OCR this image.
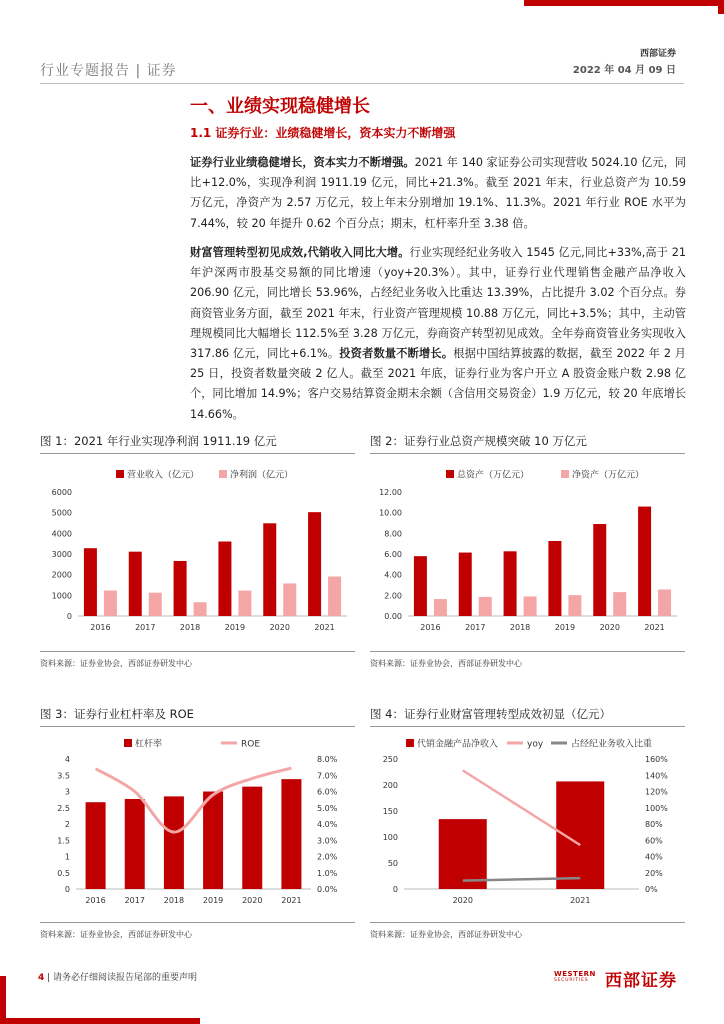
行业专题报告 | 证券
西部证券
2022 年 04 月 09 日
一、业绩实现稳健增长
1.1 证券行业：业绩稳健增长，资本实力不断增强
证券行业业绩稳健增长，资本实力不断增强。2021 年 140 家证券公司实现营收 5024.10 亿元，同比+12.0%，实现净利润 1911.19 亿元，同比+21.3%。截至 2021 年末，行业总资产为 10.59 万亿元，净资产为 2.57 万亿元，较上年末分别增加 19.1%、11.3%。2021 年行业 ROE 水平为 7.44%，较 20 年提升 0.62 个百分点；期末，杠杆率升至 3.38 倍。
财富管理转型初见成效,代销收入同比大增。行业实现经纪业务收入 1545 亿元,同比+33%,高于 21 年沪深两市股基交易额的同比增速（yoy+20.3%）。其中，证券行业代理销售金融产品净收入 206.90 亿元，同比增长 53.96%，占经纪业务收入比重达 13.39%，占比提升 3.02 个百分点。券商资管业务方面，截至 2021 年末，行业资产管理规模 10.88 万亿元，同比+3.5%；其中，主动管理规模同比大幅增长 112.5%至 3.28 万亿元，券商资产转型初见成效。全年券商资管业务实现收入 317.86 亿元，同比+6.1%。投资者数量不断增长。根据中国结算披露的数据，截至 2022 年 2 月 25 日，投资者数量突破 2 亿人。截至 2021 年底，证券行业为客户开立 A 股资金账户数 2.98 亿个，同比增加 14.9%；客户交易结算资金期末余额（含信用交易资金）1.9 万亿元，较 20 年底增长 14.66%。
图 1：2021 年行业实现净利润 1911.19 亿元	图 2：证券行业总资产规模突破 10 万亿元
0
1000
2000
3000
4000
5000
6000
2016	2017	2018	2019	2020	2021
营业收入（亿元）	净利润（亿元）
0.00
2.00
4.00
6.00
8.00
10.00
12.00
2016	2017	2018	2019	2020	2021
总资产（万亿元）	净资产（万亿元）
资料来源：证券业协会，西部证券研发中心	资料来源：证券业协会，西部证券研发中心
图 3：证券行业杠杆率及 ROE	图 4：证券行业财富管理转型成效初显（亿元）
0
0.5
1
1.5
2
2.5
3
3.5
4
2016 2017 2018 2019 2020 2021
0.0%
1.0%
2.0%
3.0%
4.0%
5.0%
6.0%
7.0%
8.0%
杠杆率	ROE
0
50
100
150
200
250
0%
20%
40%
60%
80%
100%
120%
140%
160%
2020	2021
代销金融产品净收入	yoy	占经纪业务收入比重
资料来源：证券业协会，西部证券研发中心	资料来源：证券业协会，西部证券研发中心
4 | 请务必仔细阅读报告尾部的重要声明	WESTERN
SECURITIES 西部证券
